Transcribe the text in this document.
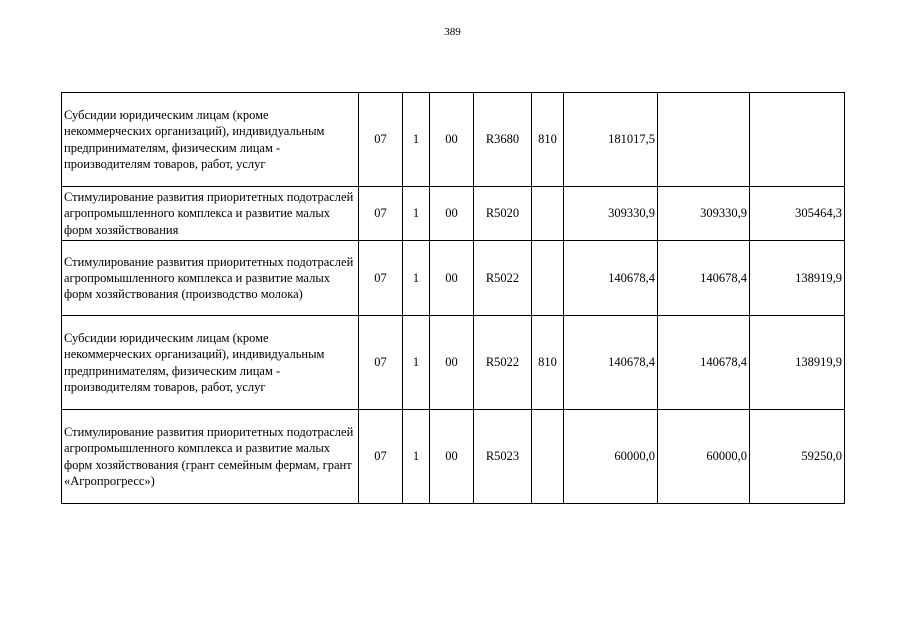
389
Субсидии юридическим лицам (кроме некоммерческих организаций), индивидуальным предпринимателям, физическим лицам - производителям товаров, работ, услуг	07	1	00	R3680	810	181017,5		
Стимулирование развития приоритетных подотраслей агропромышленного комплекса и развитие малых форм хозяйствования	07	1	00	R5020		309330,9	309330,9	305464,3
Стимулирование развития приоритетных подотраслей агропромышленного комплекса и развитие малых форм хозяйствования (производство молока)	07	1	00	R5022		140678,4	140678,4	138919,9
Субсидии юридическим лицам (кроме некоммерческих организаций), индивидуальным предпринимателям, физическим лицам - производителям товаров, работ, услуг	07	1	00	R5022	810	140678,4	140678,4	138919,9
Стимулирование развития приоритетных подотраслей агропромышленного комплекса и развитие малых форм хозяйствования (грант семейным фермам, грант «Агропрогресс»)	07	1	00	R5023		60000,0	60000,0	59250,0
